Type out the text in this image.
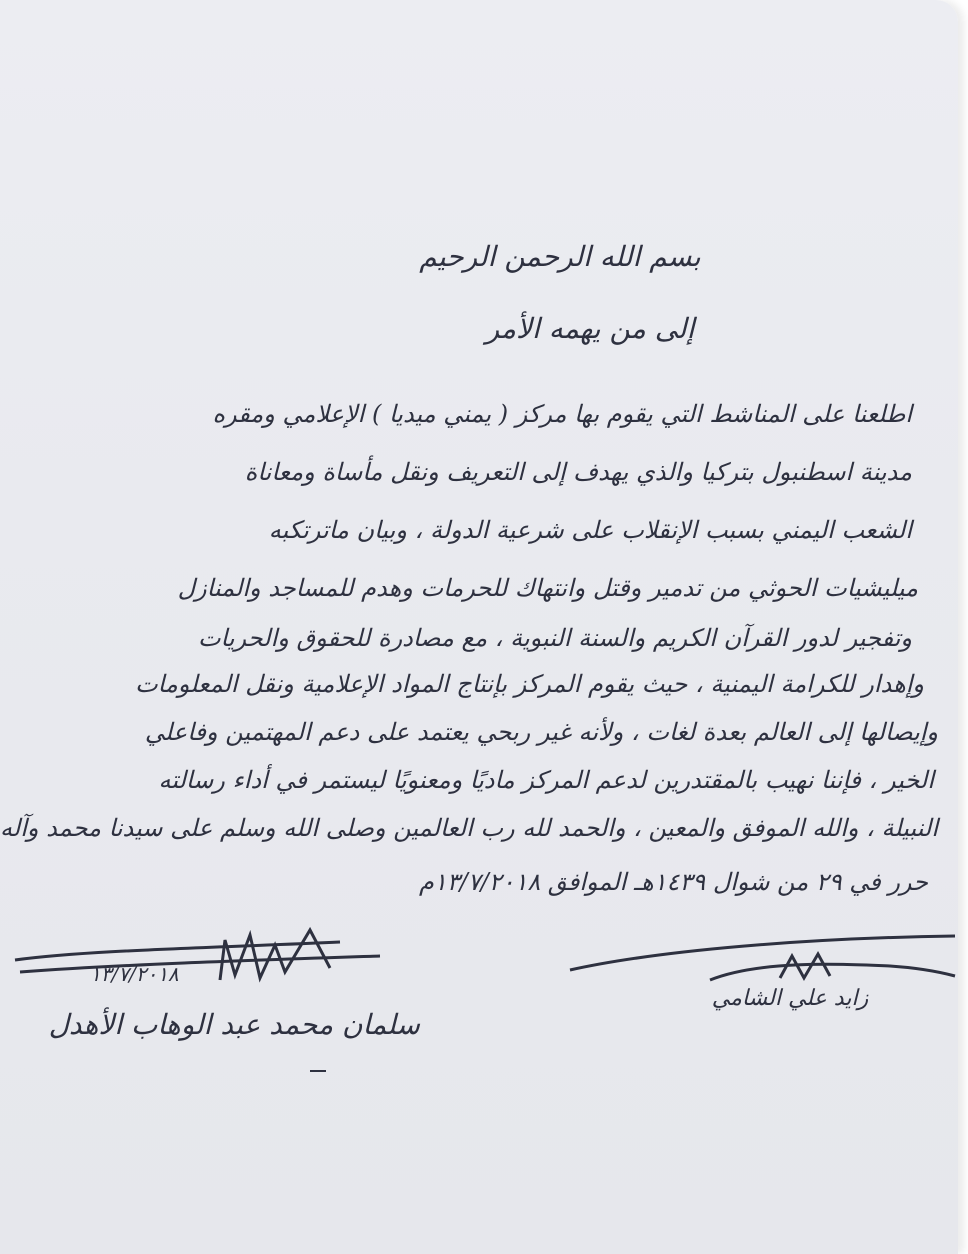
بسم الله الرحمن الرحيم
إلى من يهمه الأمر
اطلعنا على المناشط التي يقوم بها مركز ( يمني ميديا ) الإعلامي ومقره
مدينة اسطنبول بتركيا والذي يهدف إلى التعريف ونقل مأساة ومعاناة
الشعب اليمني بسبب الإنقلاب على شرعية الدولة ، وبيان ماترتكبه
ميليشيات الحوثي من تدمير وقتل وانتهاك للحرمات وهدم للمساجد والمنازل
وتفجير لدور القرآن الكريم والسنة النبوية ، مع مصادرة للحقوق والحريات
وإهدار للكرامة اليمنية ، حيث يقوم المركز بإنتاج المواد الإعلامية ونقل المعلومات
وإيصالها إلى العالم بعدة لغات ، ولأنه غير ربحي يعتمد على دعم المهتمين وفاعلي
الخير ، فإننا نهيب بالمقتدرين لدعم المركز ماديًا ومعنويًا ليستمر في أداء رسالته
النبيلة ، والله الموفق والمعين ، والحمد لله رب العالمين وصلى الله وسلم على سيدنا محمد وآله
حرر في ٢٩ من شوال ١٤٣٩هـ الموافق ١٣/٧/٢٠١٨م
١٣/٧/٢٠١٨
سلمان محمد عبد الوهاب الأهدل
زايد علي الشامي
